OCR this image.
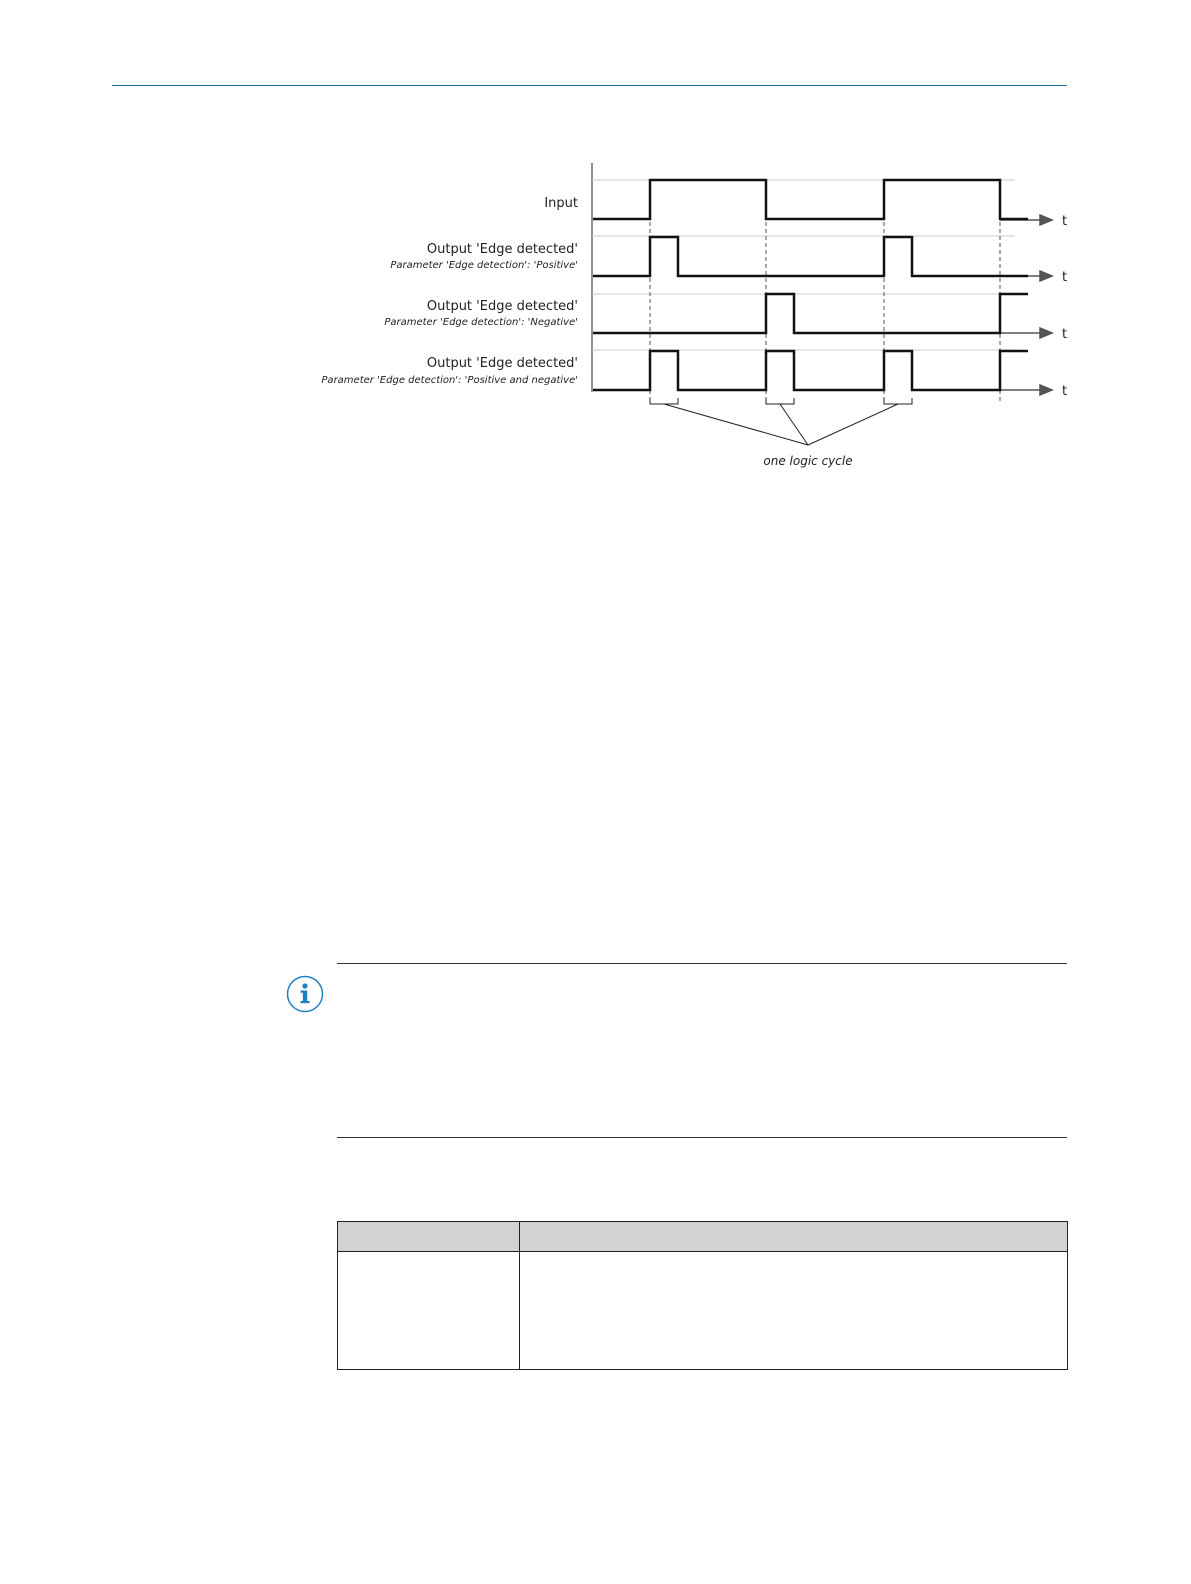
Input
Output 'Edge detected'
Parameter 'Edge detection': 'Positive'
Output 'Edge detected'
Parameter 'Edge detection': 'Negative'
Output 'Edge detected'
Parameter 'Edge detection': 'Positive and negative'
t
t
t
t
one logic cycle
